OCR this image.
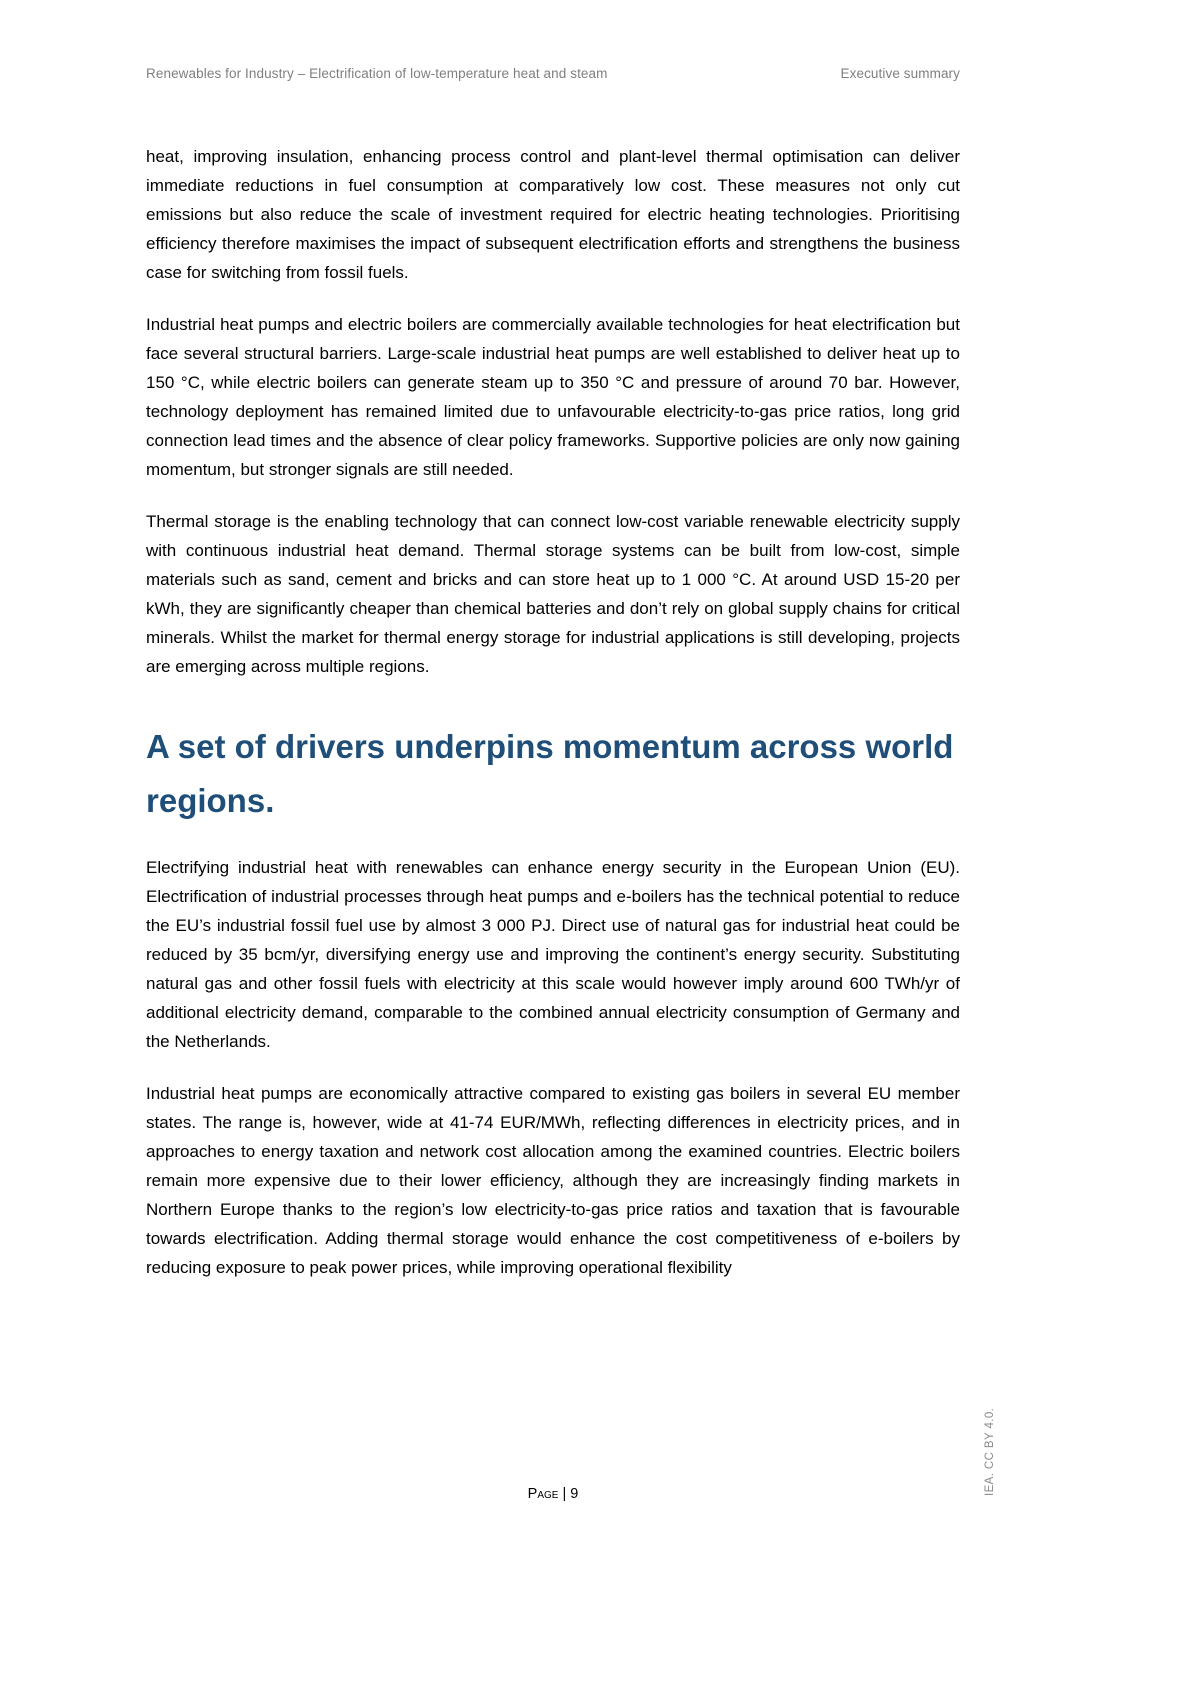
Renewables for Industry – Electrification of low-temperature heat and steam	Executive summary

heat, improving insulation, enhancing process control and plant-level thermal optimisation can deliver immediate reductions in fuel consumption at comparatively low cost. These measures not only cut emissions but also reduce the scale of investment required for electric heating technologies. Prioritising efficiency therefore maximises the impact of subsequent electrification efforts and strengthens the business case for switching from fossil fuels.

Industrial heat pumps and electric boilers are commercially available technologies for heat electrification but face several structural barriers. Large-scale industrial heat pumps are well established to deliver heat up to 150 °C, while electric boilers can generate steam up to 350 °C and pressure of around 70 bar. However, technology deployment has remained limited due to unfavourable electricity-to-gas price ratios, long grid connection lead times and the absence of clear policy frameworks. Supportive policies are only now gaining momentum, but stronger signals are still needed.

Thermal storage is the enabling technology that can connect low-cost variable renewable electricity supply with continuous industrial heat demand. Thermal storage systems can be built from low-cost, simple materials such as sand, cement and bricks and can store heat up to 1 000 °C. At around USD 15-20 per kWh, they are significantly cheaper than chemical batteries and don’t rely on global supply chains for critical minerals. Whilst the market for thermal energy storage for industrial applications is still developing, projects are emerging across multiple regions.

A set of drivers underpins momentum across world regions.

Electrifying industrial heat with renewables can enhance energy security in the European Union (EU). Electrification of industrial processes through heat pumps and e-boilers has the technical potential to reduce the EU’s industrial fossil fuel use by almost 3 000 PJ. Direct use of natural gas for industrial heat could be reduced by 35 bcm/yr, diversifying energy use and improving the continent’s energy security. Substituting natural gas and other fossil fuels with electricity at this scale would however imply around 600 TWh/yr of additional electricity demand, comparable to the combined annual electricity consumption of Germany and the Netherlands.

Industrial heat pumps are economically attractive compared to existing gas boilers in several EU member states. The range is, however, wide at 41-74 EUR/MWh, reflecting differences in electricity prices, and in approaches to energy taxation and network cost allocation among the examined countries. Electric boilers remain more expensive due to their lower efficiency, although they are increasingly finding markets in Northern Europe thanks to the region’s low electricity-to-gas price ratios and taxation that is favourable towards electrification. Adding thermal storage would enhance the cost competitiveness of e-boilers by reducing exposure to peak power prices, while improving operational flexibility

Page | 9	IEA. CC BY 4.0.
